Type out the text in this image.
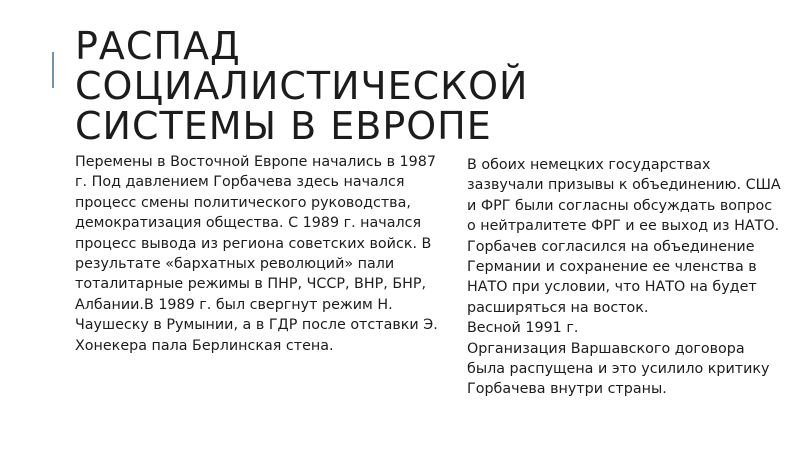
РАСПАД
СОЦИАЛИСТИЧЕСКОЙ
СИСТЕМЫ В ЕВРОПЕ

Перемены в Восточной Европе начались в 1987 г. Под давлением Горбачева здесь начался процесс смены политического руководства, демократизация общества. С 1989 г. начался процесс вывода из региона советских войск. В результате «бархатных революций» пали тоталитарные режимы в ПНР, ЧССР, ВНР, БНР, Албании.В 1989 г. был свергнут режим Н. Чаушеску в Румынии, а в ГДР после отставки Э. Хонекера пала Берлинская стена.

В обоих немецких государствах зазвучали призывы к объединению. США и ФРГ были согласны обсуждать вопрос о нейтралитете ФРГ и ее выход из НАТО. Горбачев согласился на объединение Германии и сохранение ее членства в НАТО при условии, что НАТО на будет расширяться на восток.

Весной 1991 г.

Организация Варшавского договора была распущена и это усилило критику Горбачева внутри страны.
